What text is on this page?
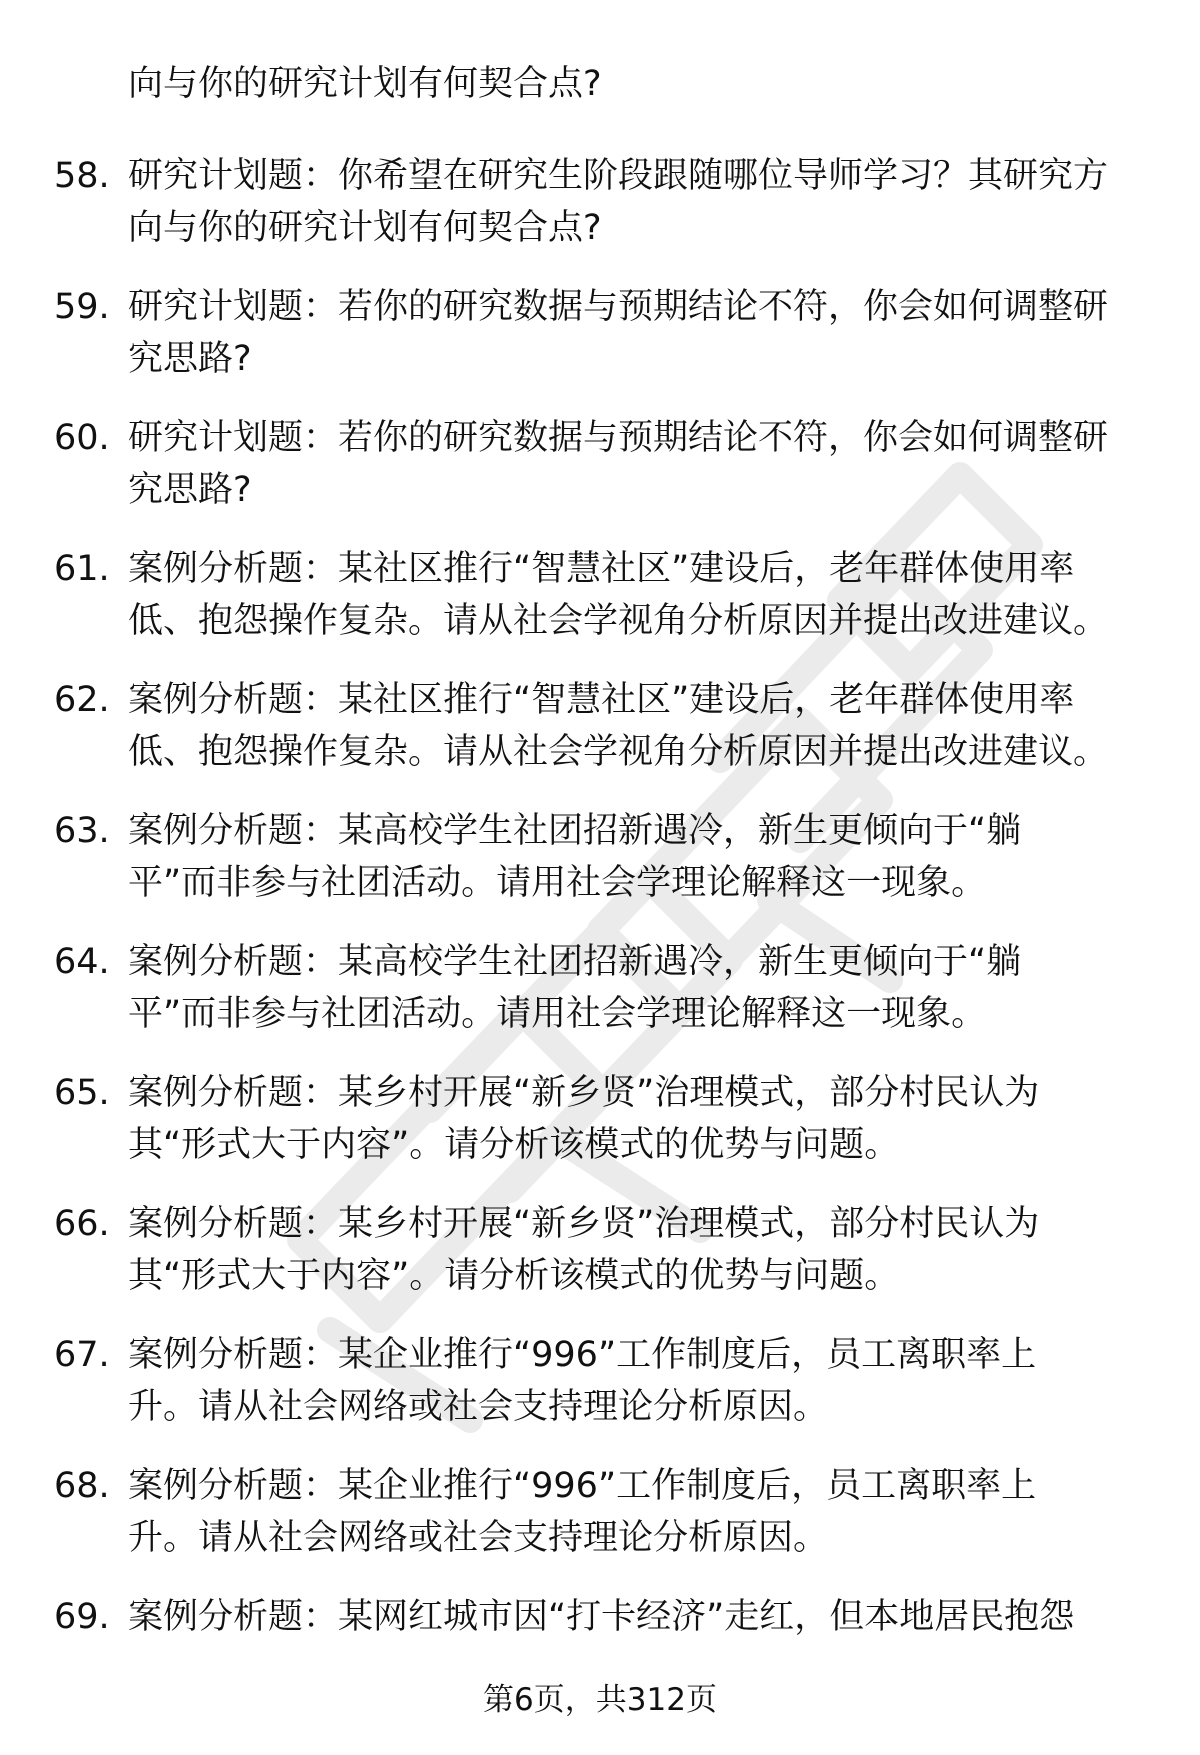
向与你的研究计划有何契合点?
58. 研究计划题：你希望在研究生阶段跟随哪位导师学习？其研究方
向与你的研究计划有何契合点?
59. 研究计划题：若你的研究数据与预期结论不符，你会如何调整研
究思路?
60. 研究计划题：若你的研究数据与预期结论不符，你会如何调整研
究思路?
61. 案例分析题：某社区推行“智慧社区”建设后，老年群体使用率
低、抱怨操作复杂。请从社会学视角分析原因并提出改进建议。
62. 案例分析题：某社区推行“智慧社区”建设后，老年群体使用率
低、抱怨操作复杂。请从社会学视角分析原因并提出改进建议。
63. 案例分析题：某高校学生社团招新遇冷，新生更倾向于“躺
平”而非参与社团活动。请用社会学理论解释这一现象。
64. 案例分析题：某高校学生社团招新遇冷，新生更倾向于“躺
平”而非参与社团活动。请用社会学理论解释这一现象。
65. 案例分析题：某乡村开展“新乡贤”治理模式，部分村民认为
其“形式大于内容”。请分析该模式的优势与问题。
66. 案例分析题：某乡村开展“新乡贤”治理模式，部分村民认为
其“形式大于内容”。请分析该模式的优势与问题。
67. 案例分析题：某企业推行“996”工作制度后，员工离职率上
升。请从社会网络或社会支持理论分析原因。
68. 案例分析题：某企业推行“996”工作制度后，员工离职率上
升。请从社会网络或社会支持理论分析原因。
69. 案例分析题：某网红城市因“打卡经济”走红，但本地居民抱怨
第6页，共312页
